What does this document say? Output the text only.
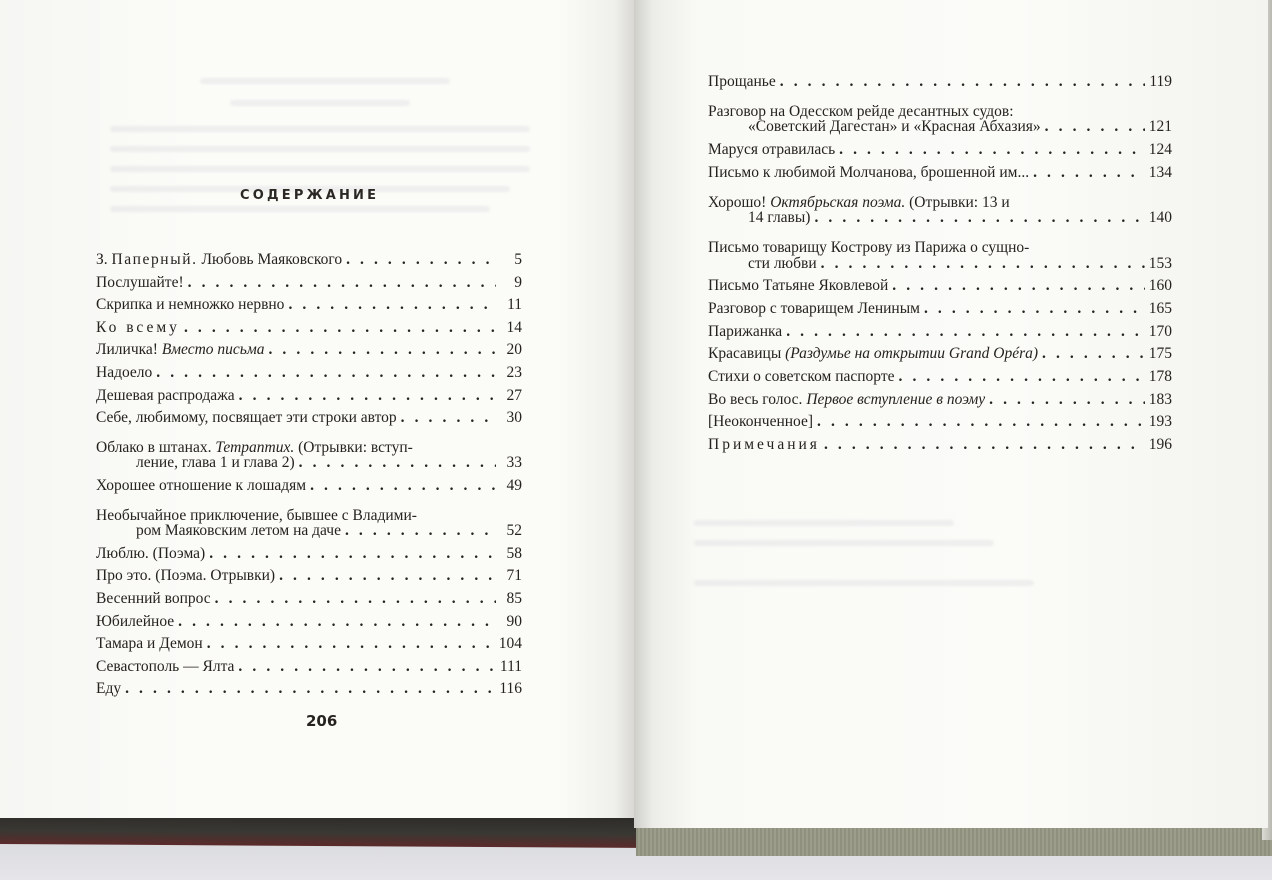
СОДЕРЖАНИЕ
З. Паперный. Любовь Маяковского . . .	5
Послушайте! . . .	9
Скрипка и немножко нервно . . .	11
Ко всему . . .	14
Лиличка! Вместо письма . . .	20
Надоело . . .	23
Дешевая распродажа . . .	27
Себе, любимому, посвящает эти строки автор . . .	30
Облако в штанах. Тетраптих. (Отрывки: вступ-
ление, глава 1 и глава 2) . . .	33
Хорошее отношение к лошадям . . .	49
Необычайное приключение, бывшее с Владими-
ром Маяковским летом на даче . . .	52
Люблю. (Поэма) . . .	58
Про это. (Поэма. Отрывки) . . .	71
Весенний вопрос . . .	85
Юбилейное . . .	90
Тамара и Демон . . .	104
Севастополь — Ялта . . .	111
Еду . . .	116
206
Прощанье . . .	119
Разговор на Одесском рейде десантных судов:
«Советский Дагестан» и «Красная Абхазия» . . .	121
Маруся отравилась . . .	124
Письмо к любимой Молчанова, брошенной им... . . .	134
Хорошо! Октябрьская поэма. (Отрывки: 13 и
14 главы) . . .	140
Письмо товарищу Кострову из Парижа о сущно-
сти любви . . .	153
Письмо Татьяне Яковлевой . . .	160
Разговор с товарищем Лениным . . .	165
Парижанка . . .	170
Красавицы (Раздумье на открытии Grand Opéra) . . .	175
Стихи о советском паспорте . . .	178
Во весь голос. Первое вступление в поэму . . .	183
[Неоконченное] . . .	193
Примечания . . .	196
